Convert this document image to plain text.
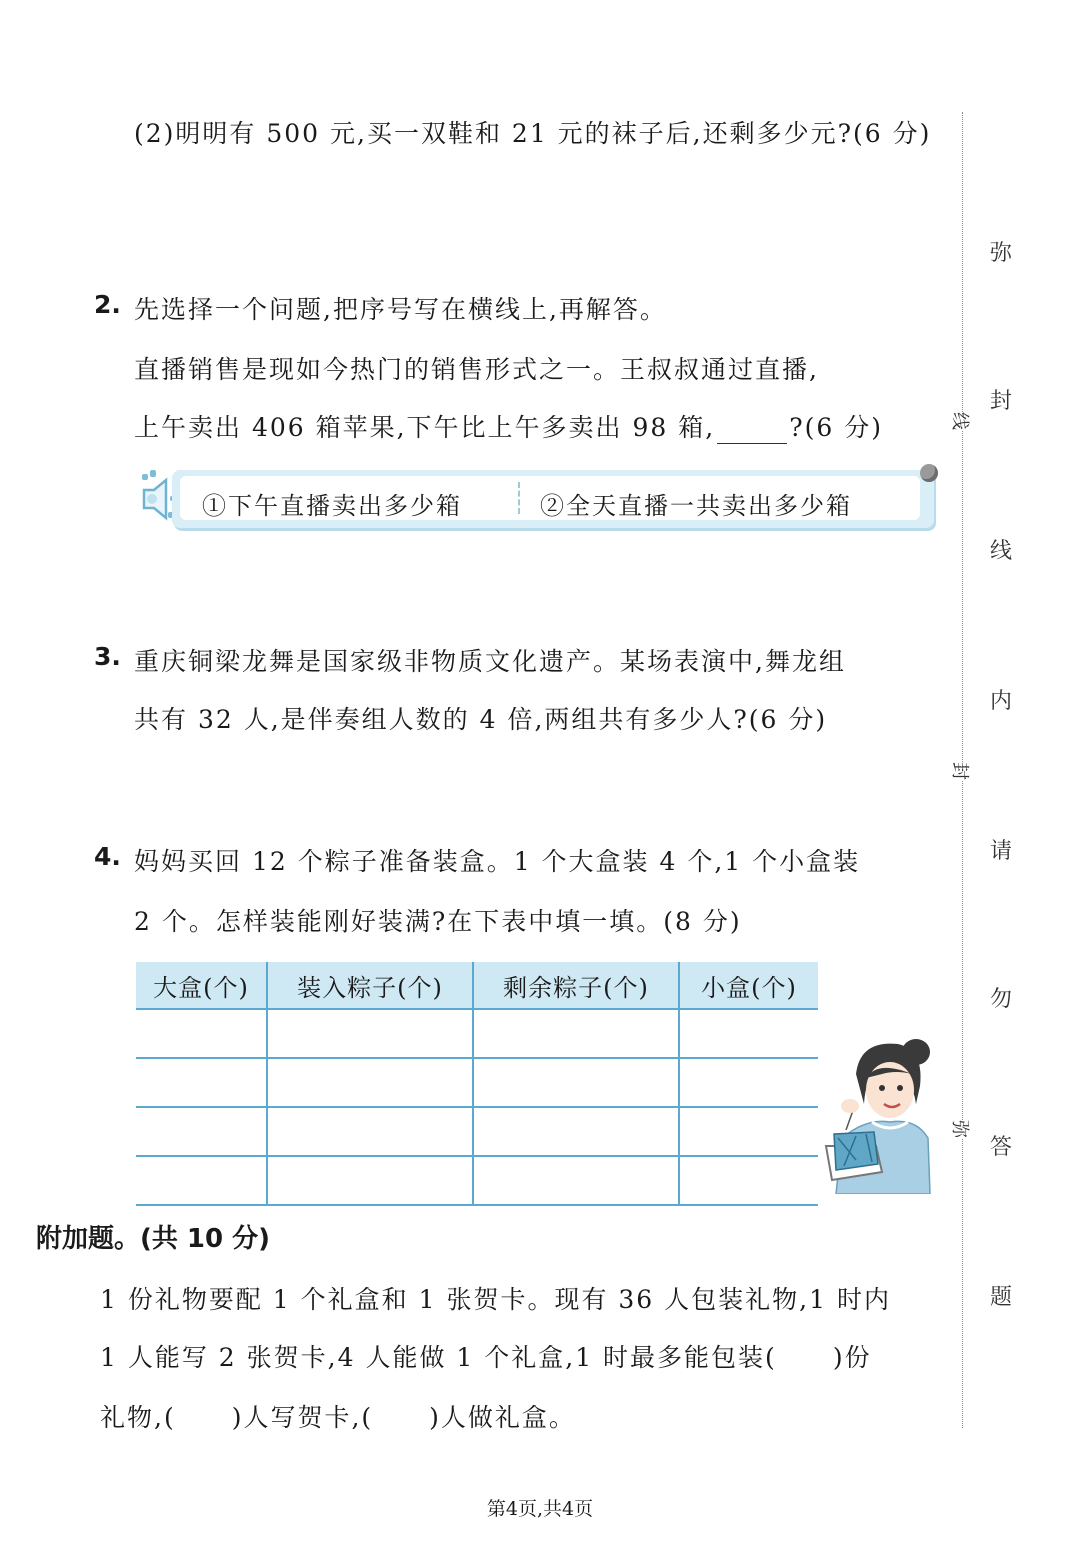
(2)明明有 500 元,买一双鞋和 21 元的袜子后,还剩多少元?(6 分)
2. 先选择一个问题,把序号写在横线上,再解答。
直播销售是现如今热门的销售形式之一。王叔叔通过直播,
上午卖出 406 箱苹果,下午比上午多卖出 98 箱,	?(6 分)
①下午直播卖出多少箱	②全天直播一共卖出多少箱
3. 重庆铜梁龙舞是国家级非物质文化遗产。某场表演中,舞龙组
共有 32 人,是伴奏组人数的 4 倍,两组共有多少人?(6 分)
4. 妈妈买回 12 个粽子准备装盒。1 个大盒装 4 个,1 个小盒装
2 个。怎样装能刚好装满?在下表中填一填。(8 分)
大盒(个)	装入粽子(个)	剩余粽子(个)	小盒(个)

附加题。(共 10 分)
1 份礼物要配 1 个礼盒和 1 张贺卡。现有 36 人包装礼物,1 时内
1 人能写 2 张贺卡,4 人能做 1 个礼盒,1 时最多能包装( )份
礼物,( )人写贺卡,( )人做礼盒。
线
封
弥
弥
封
线
内
请
勿
答
题
第4页,共4页
